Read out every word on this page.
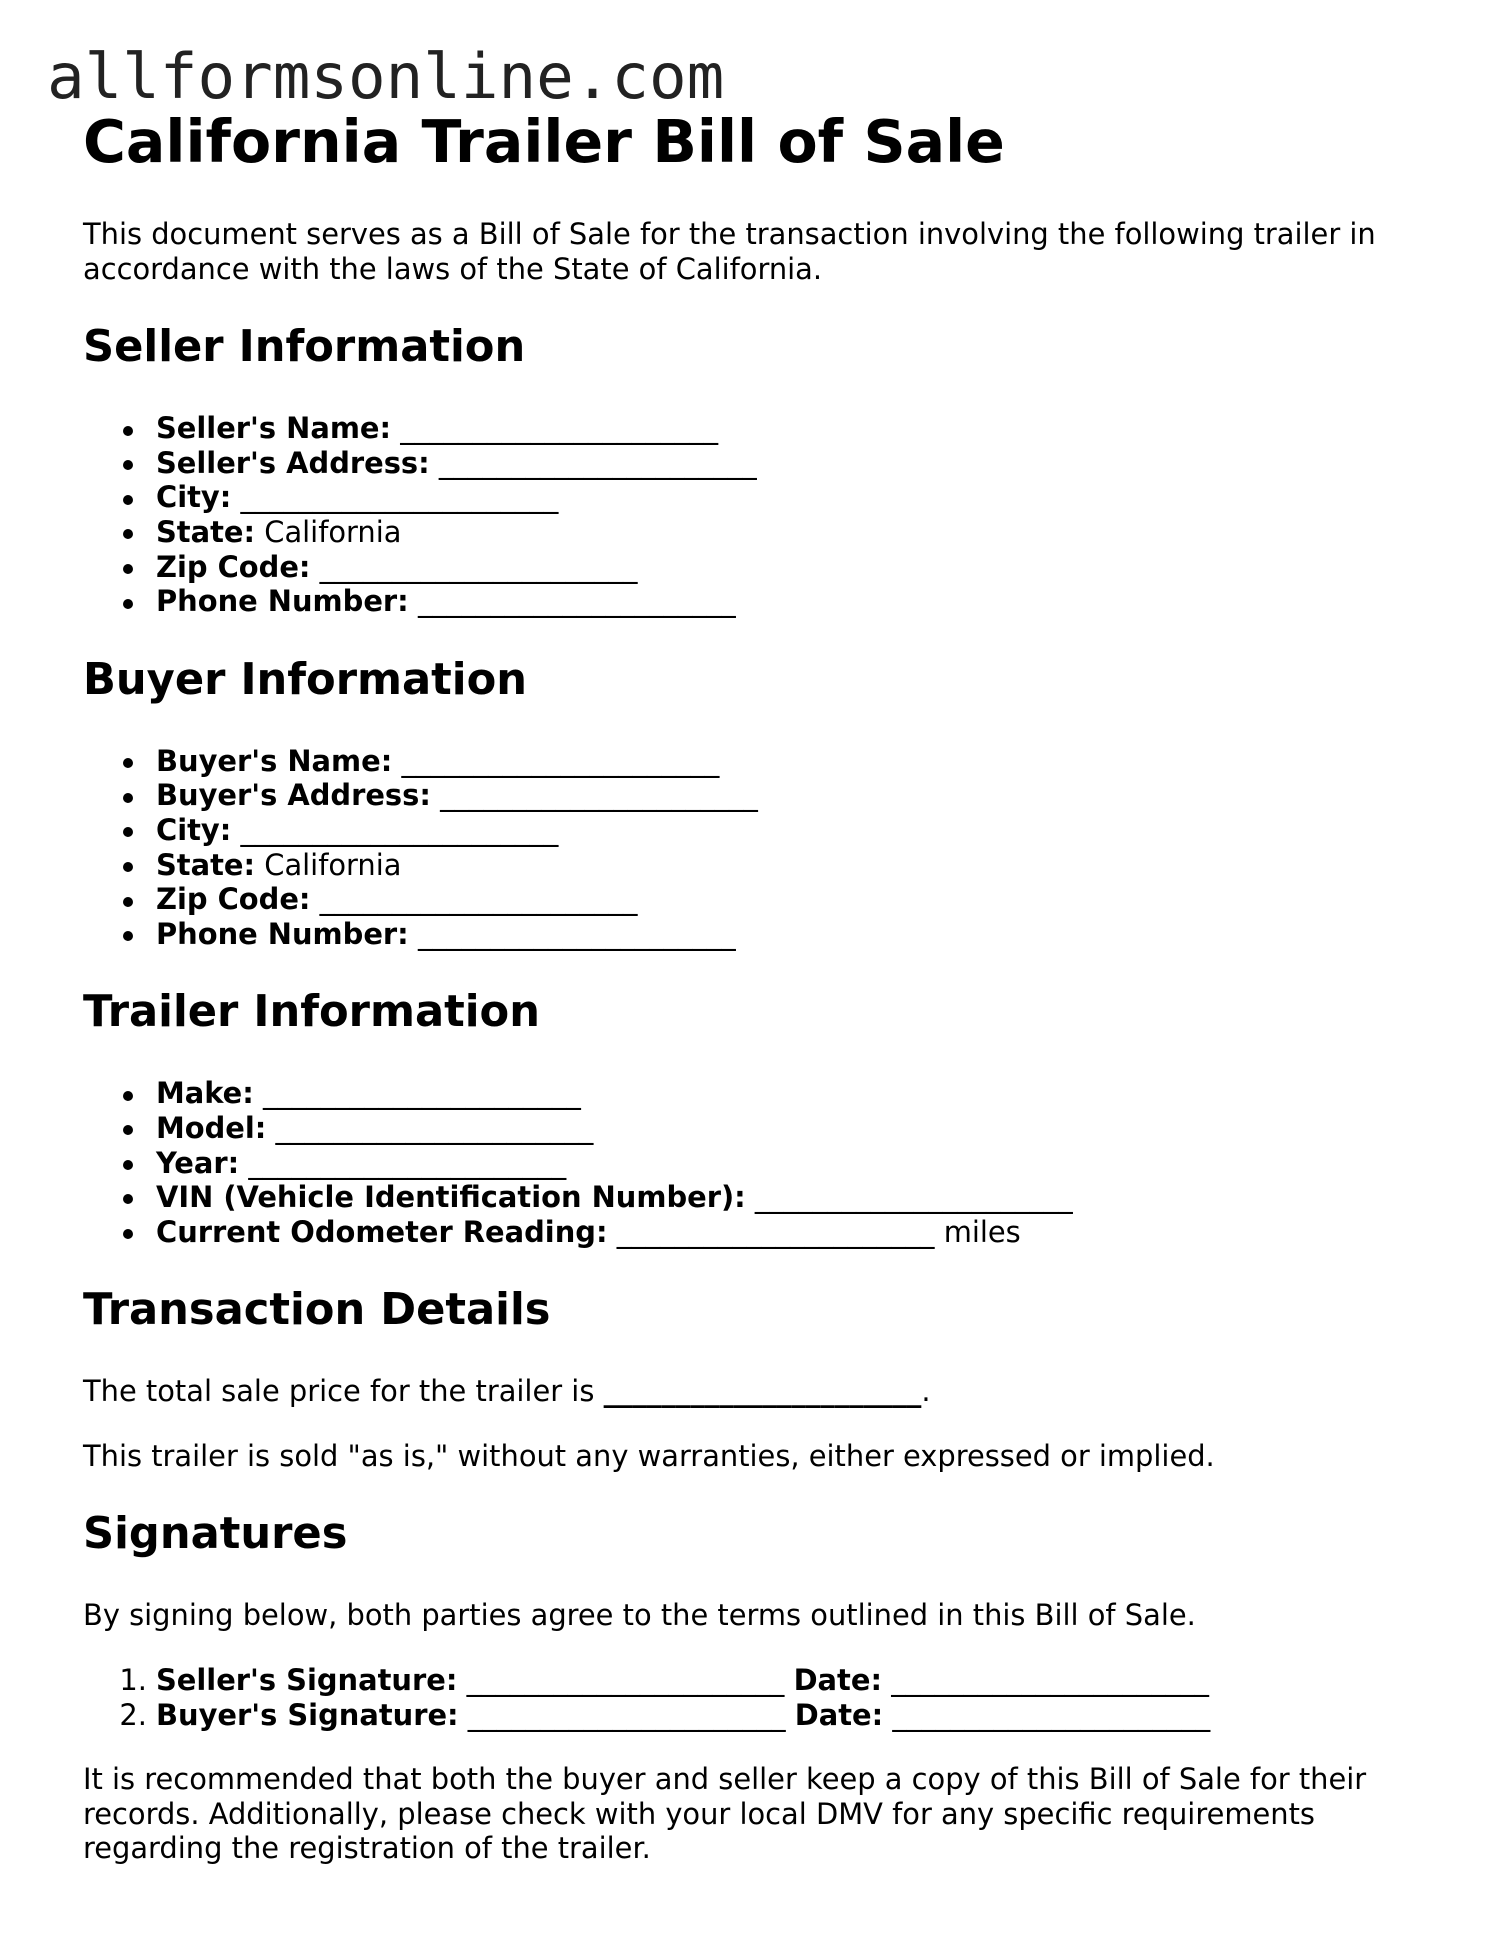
allformsonline.com
California Trailer Bill of Sale

This document serves as a Bill of Sale for the transaction involving the following trailer in accordance with the laws of the State of California.

Seller Information
Seller's Name: ______________________
Seller's Address: ______________________
City: ______________________
State: California
Zip Code: ______________________
Phone Number: ______________________
Buyer Information
Buyer's Name: ______________________
Buyer's Address: ______________________
City: ______________________
State: California
Zip Code: ______________________
Phone Number: ______________________
Trailer Information
Make: ______________________
Model: ______________________
Year: ______________________
VIN (Vehicle Identification Number): ______________________
Current Odometer Reading: ______________________ miles
Transaction Details

The total sale price for the trailer is ______________________.

This trailer is sold "as is," without any warranties, either expressed or implied.

Signatures

By signing below, both parties agree to the terms outlined in this Bill of Sale.

1. Seller's Signature: ______________________ Date: ______________________
2. Buyer's Signature: ______________________ Date: ______________________

It is recommended that both the buyer and seller keep a copy of this Bill of Sale for their records. Additionally, please check with your local DMV for any specific requirements regarding the registration of the trailer.
